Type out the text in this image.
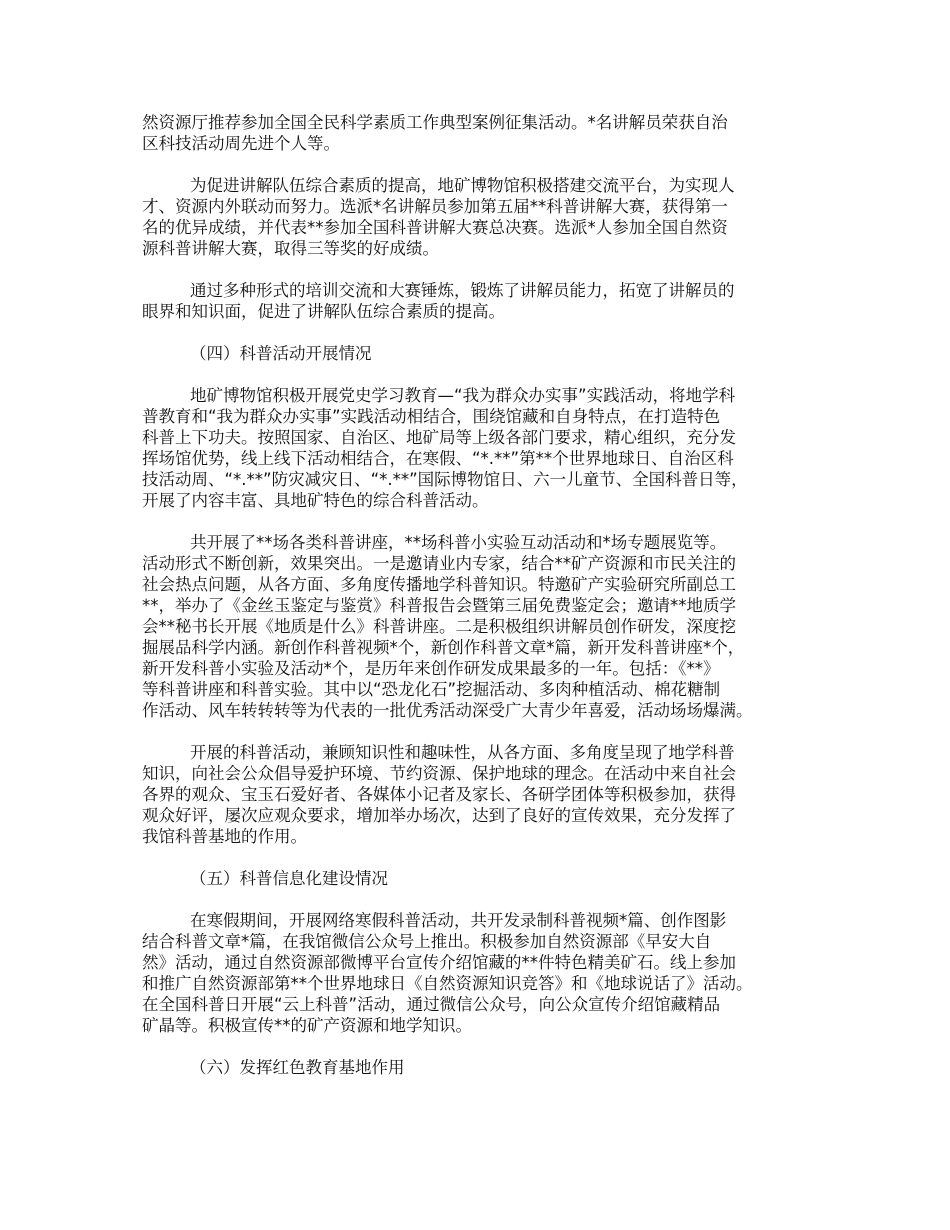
然资源厅推荐参加全国全民科学素质工作典型案例征集活动。*名讲解员荣获自治
区科技活动周先进个人等。
为促进讲解队伍综合素质的提高，地矿博物馆积极搭建交流平台，为实现人
才、资源内外联动而努力。选派*名讲解员参加第五届**科普讲解大赛，获得第一
名的优异成绩，并代表**参加全国科普讲解大赛总决赛。选派*人参加全国自然资
源科普讲解大赛，取得三等奖的好成绩。
通过多种形式的培训交流和大赛锤炼，锻炼了讲解员能力，拓宽了讲解员的
眼界和知识面，促进了讲解队伍综合素质的提高。
（四）科普活动开展情况
地矿博物馆积极开展党史学习教育—“我为群众办实事”实践活动，将地学科
普教育和“我为群众办实事”实践活动相结合，围绕馆藏和自身特点，在打造特色
科普上下功夫。按照国家、自治区、地矿局等上级各部门要求，精心组织，充分发
挥场馆优势，线上线下活动相结合，在寒假、“*.**”第**个世界地球日、自治区科
技活动周、“*.**”防灾减灾日、“*.**”国际博物馆日、六一儿童节、全国科普日等，
开展了内容丰富、具地矿特色的综合科普活动。
共开展了**场各类科普讲座，**场科普小实验互动活动和*场专题展览等。
活动形式不断创新，效果突出。一是邀请业内专家，结合**矿产资源和市民关注的
社会热点问题，从各方面、多角度传播地学科普知识。特邀矿产实验研究所副总工
**，举办了《金丝玉鉴定与鉴赏》科普报告会暨第三届免费鉴定会；邀请**地质学
会**秘书长开展《地质是什么》科普讲座。二是积极组织讲解员创作研发，深度挖
掘展品科学内涵。新创作科普视频*个，新创作科普文章*篇，新开发科普讲座*个，
新开发科普小实验及活动*个，是历年来创作研发成果最多的一年。包括：《**》
等科普讲座和科普实验。其中以“恐龙化石”挖掘活动、多肉种植活动、棉花糖制
作活动、风车转转转等为代表的一批优秀活动深受广大青少年喜爱，活动场场爆满。
开展的科普活动，兼顾知识性和趣味性，从各方面、多角度呈现了地学科普
知识，向社会公众倡导爱护环境、节约资源、保护地球的理念。在活动中来自社会
各界的观众、宝玉石爱好者、各媒体小记者及家长、各研学团体等积极参加，获得
观众好评，屡次应观众要求，增加举办场次，达到了良好的宣传效果，充分发挥了
我馆科普基地的作用。
（五）科普信息化建设情况
在寒假期间，开展网络寒假科普活动，共开发录制科普视频*篇、创作图影
结合科普文章*篇，在我馆微信公众号上推出。积极参加自然资源部《早安大自
然》活动，通过自然资源部微博平台宣传介绍馆藏的**件特色精美矿石。线上参加
和推广自然资源部第**个世界地球日《自然资源知识竞答》和《地球说话了》活动。
在全国科普日开展“云上科普”活动，通过微信公众号，向公众宣传介绍馆藏精品
矿晶等。积极宣传**的矿产资源和地学知识。
（六）发挥红色教育基地作用
